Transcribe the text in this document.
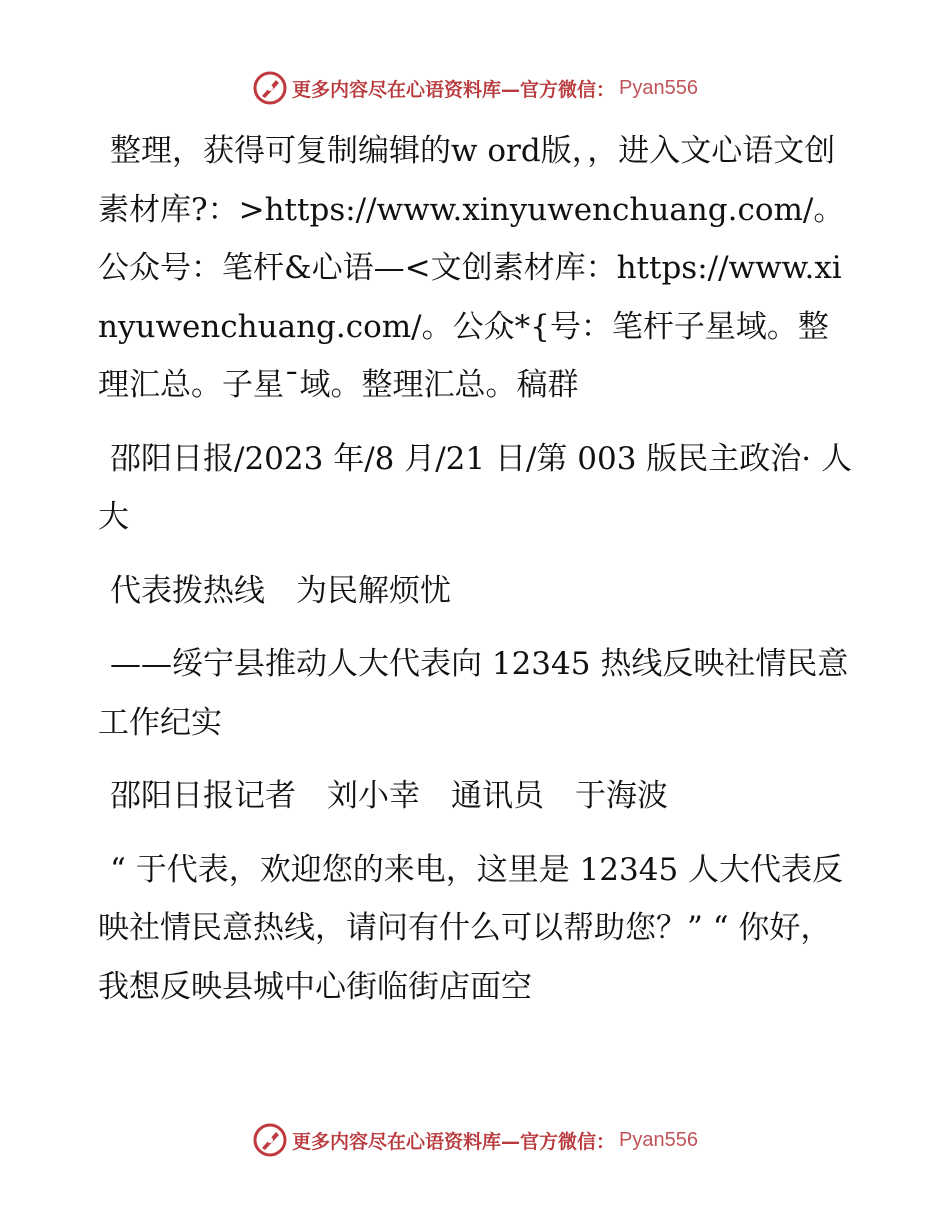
更多内容尽在心语资料库—官方微信： Pyan556

整理，获得可复制编辑的w ord版，，进入文心语文创素材库?：>https://www.xinyuwenchuang.com/。公众号：笔杆&心语—<文创素材库：https://www.xinyuwenchuang.com/。公众*{号：笔杆子星域。整理汇总。子星¯域。整理汇总。稿群

邵阳日报/2023 年/8 月/21 日/第 003 版民主政治· 人大

代表拨热线　为民解烦忧

——绥宁县推动人大代表向 12345 热线反映社情民意工作纪实

邵阳日报记者　刘小幸　通讯员　于海波

“ 于代表，欢迎您的来电，这里是 12345 人大代表反映社情民意热线，请问有什么可以帮助您？” “ 你好，我想反映县城中心街临街店面空

更多内容尽在心语资料库—官方微信： Pyan556
